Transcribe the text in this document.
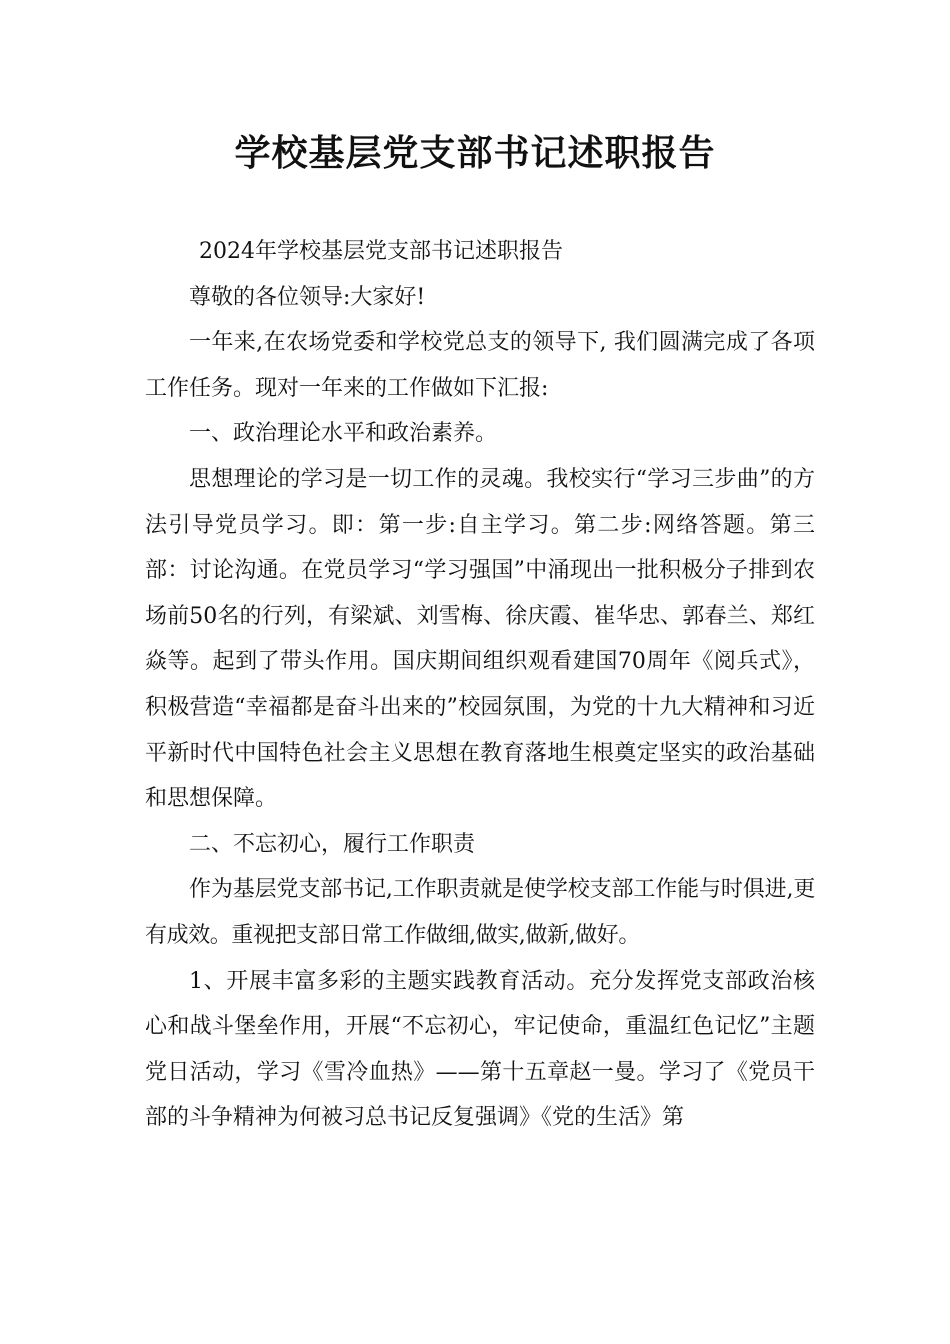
学校基层党支部书记述职报告

2024年学校基层党支部书记述职报告

尊敬的各位领导:大家好!

一年来,在农场党委和学校党总支的领导下, 我们圆满完成了各项工作任务。现对一年来的工作做如下汇报:

一、政治理论水平和政治素养。

思想理论的学习是一切工作的灵魂。我校实行“学习三步曲”的方法引导党员学习。即：第一步:自主学习。第二步:网络答题。第三部：讨论沟通。在党员学习“学习强国”中涌现出一批积极分子排到农场前50名的行列，有梁斌、刘雪梅、徐庆霞、崔华忠、郭春兰、郑红焱等。起到了带头作用。国庆期间组织观看建国70周年《阅兵式》，积极营造“幸福都是奋斗出来的”校园氛围，为党的十九大精神和习近平新时代中国特色社会主义思想在教育落地生根奠定坚实的政治基础和思想保障。

二、不忘初心，履行工作职责

作为基层党支部书记,工作职责就是使学校支部工作能与时俱进,更有成效。重视把支部日常工作做细,做实,做新,做好。

1、开展丰富多彩的主题实践教育活动。充分发挥党支部政治核心和战斗堡垒作用，开展“不忘初心，牢记使命，重温红色记忆”主题党日活动，学习《雪冷血热》——第十五章赵一曼。学习了《党员干部的斗争精神为何被习总书记反复强调》《党的生活》第
